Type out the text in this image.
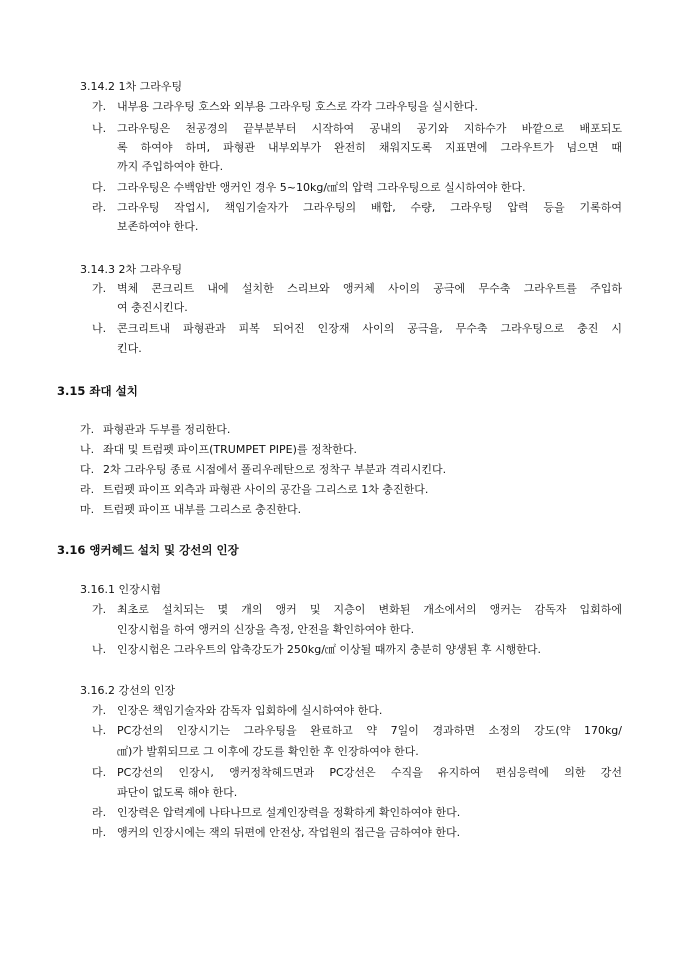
3.14.2 1차 그라우팅
가. 내부용 그라우팅 호스와 외부용 그라우팅 호스로 각각 그라우팅을 실시한다.
나. 그라우팅은 천공경의 끝부분부터 시작하여 공내의 공기와 지하수가 바깥으로 배포되도
록 하여야 하며, 파형관 내부외부가 완전히 채워지도록 지표면에 그라우트가 넘으면 때
까지 주입하여야 한다.
다. 그라우팅은 수백암반 앵커인 경우 5~10kg/㎠의 압력 그라우팅으로 실시하여야 한다.
라. 그라우팅 작업시, 책임기술자가 그라우팅의 배합, 수량, 그라우팅 압력 등을 기록하여
보존하여야 한다.
3.14.3 2차 그라우팅
가. 벽체 콘크리트 내에 설치한 스리브와 앵커체 사이의 공극에 무수축 그라우트를 주입하
여 충진시킨다.
나. 콘크리트내 파형관과 피복 되어진 인장재 사이의 공극을, 무수축 그라우팅으로 충진 시
킨다.
3.15 좌대 설치
가. 파형관과 두부를 정리한다.
나. 좌대 및 트럼펫 파이프(TRUMPET PIPE)를 정착한다.
다. 2차 그라우팅 종료 시점에서 폴리우레탄으로 정착구 부분과 격리시킨다.
라. 트럼펫 파이프 외측과 파형관 사이의 공간을 그리스로 1차 충진한다.
마. 트럼펫 파이프 내부를 그리스로 충진한다.
3.16 앵커헤드 설치 및 강선의 인장
3.16.1 인장시험
가. 최초로 설치되는 몇 개의 앵커 및 지층이 변화된 개소에서의 앵커는 감독자 입회하에
인장시험을 하여 앵커의 신장을 측정, 안전을 확인하여야 한다.
나. 인장시험은 그라우트의 압축강도가 250kg/㎠ 이상될 때까지 충분히 양생된 후 시행한다.
3.16.2 강선의 인장
가. 인장은 책임기술자와 감독자 입회하에 실시하여야 한다.
나. PC강선의 인장시기는 그라우팅을 완료하고 약 7일이 경과하면 소정의 강도(약 170kg/
㎠)가 발휘되므로 그 이후에 강도를 확인한 후 인장하여야 한다.
다. PC강선의 인장시, 앵커정착헤드면과 PC강선은 수직을 유지하여 편심응력에 의한 강선
파단이 없도록 해야 한다.
라. 인장력은 압력계에 나타나므로 설계인장력을 정확하게 확인하여야 한다.
마. 앵커의 인장시에는 잭의 뒤편에 안전상, 작업원의 접근을 금하여야 한다.
